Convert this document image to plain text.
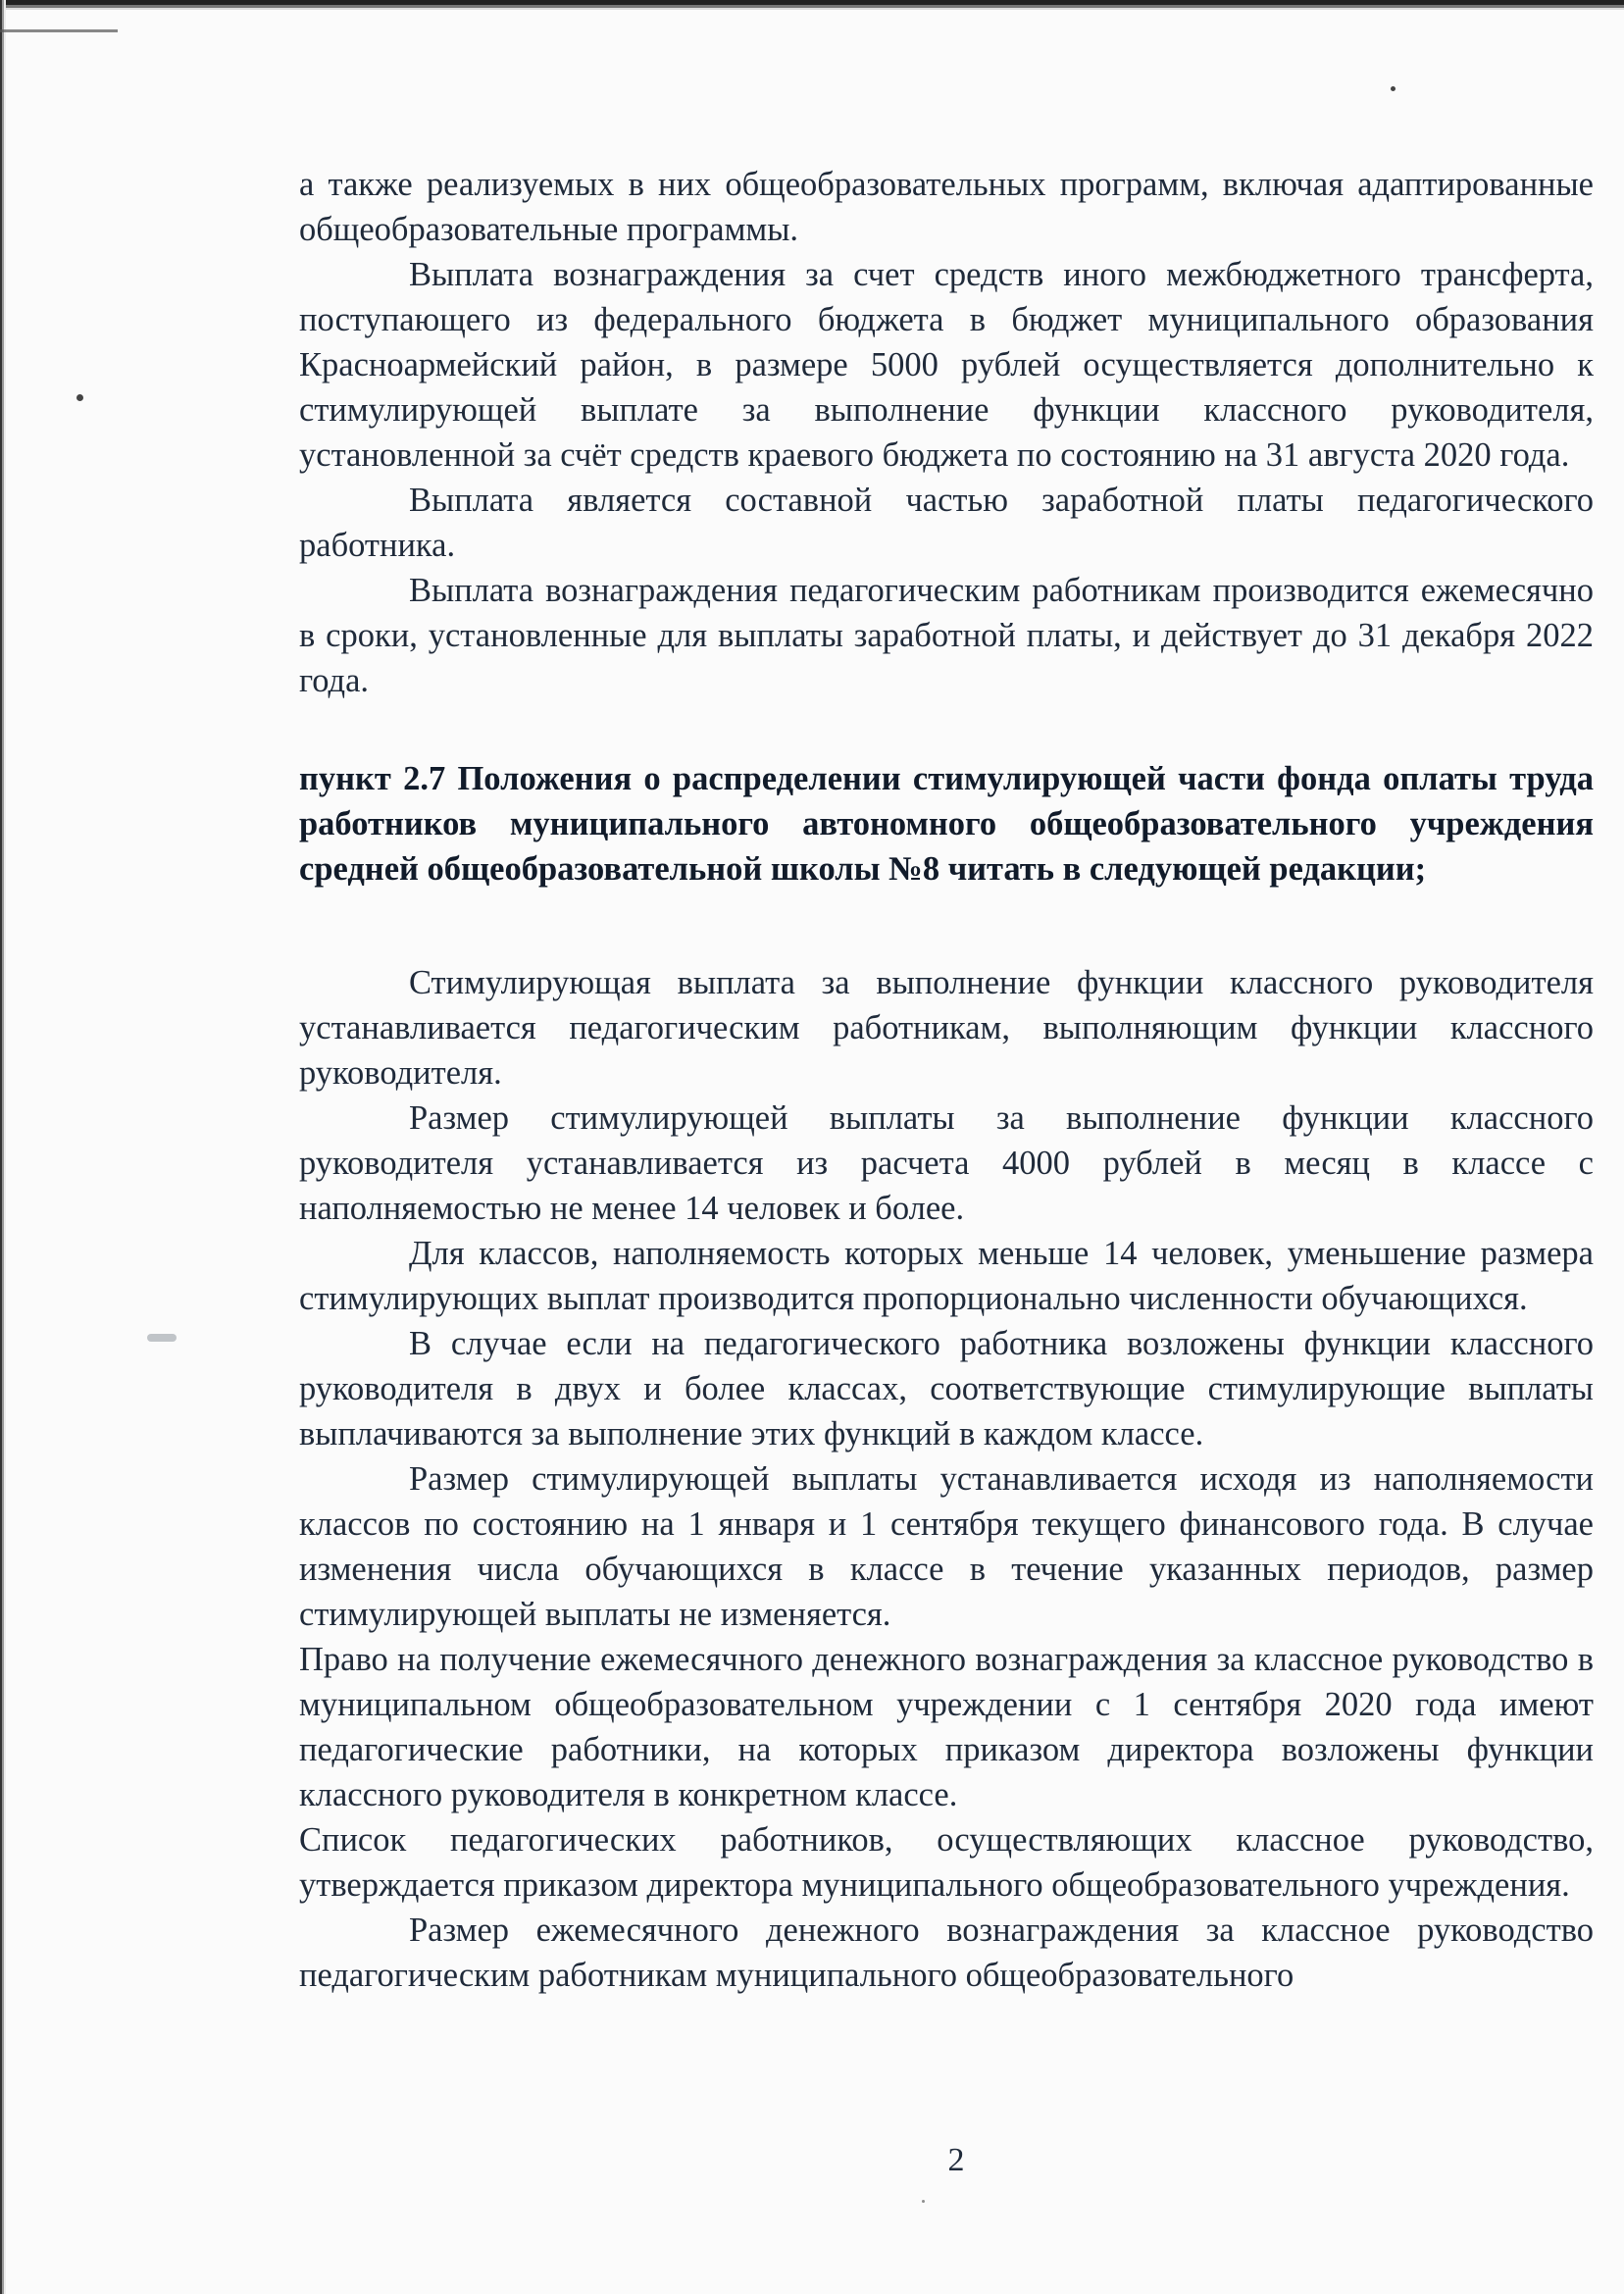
а также реализуемых в них общеобразовательных программ, включая адаптированные общеобразовательные программы.

Выплата вознаграждения за счет средств иного межбюджетного трансферта, поступающего из федерального бюджета в бюджет муниципального образования Красноармейский район, в размере 5000 рублей осуществляется дополнительно к стимулирующей выплате за выполнение функции классного руководителя, установленной за счёт средств краевого бюджета по состоянию на 31 августа 2020 года.

Выплата является составной частью заработной платы педагогического работника.

Выплата вознаграждения педагогическим работникам производится ежемесячно в сроки, установленные для выплаты заработной платы, и действует до 31 декабря 2022 года.

пункт 2.7 Положения о распределении стимулирующей части фонда оплаты труда работников муниципального автономного общеобразовательного учреждения средней общеобразовательной школы №8 читать в следующей редакции;

Стимулирующая выплата за выполнение функции классного руководителя устанавливается педагогическим работникам, выполняющим функции классного руководителя.

Размер стимулирующей выплаты за выполнение функции классного руководителя устанавливается из расчета 4000 рублей в месяц в классе с наполняемостью не менее 14 человек и более.

Для классов, наполняемость которых меньше 14 человек, уменьшение размера стимулирующих выплат производится пропорционально численности обучающихся.

В случае если на педагогического работника возложены функции классного руководителя в двух и более классах, соответствующие стимулирующие выплаты выплачиваются за выполнение этих функций в каждом классе.

Размер стимулирующей выплаты устанавливается исходя из наполняемости классов по состоянию на 1 января и 1 сентября текущего финансового года. В случае изменения числа обучающихся в классе в течение указанных периодов, размер стимулирующей выплаты не изменяется.

Право на получение ежемесячного денежного вознаграждения за классное руководство в муниципальном общеобразовательном учреждении с 1 сентября 2020 года имеют педагогические работники, на которых приказом директора возложены функции классного руководителя в конкретном классе.

Список педагогических работников, осуществляющих классное руководство, утверждается приказом директора муниципального общеобразовательного учреждения.

Размер ежемесячного денежного вознаграждения за классное руководство педагогическим работникам муниципального общеобразовательного

2
